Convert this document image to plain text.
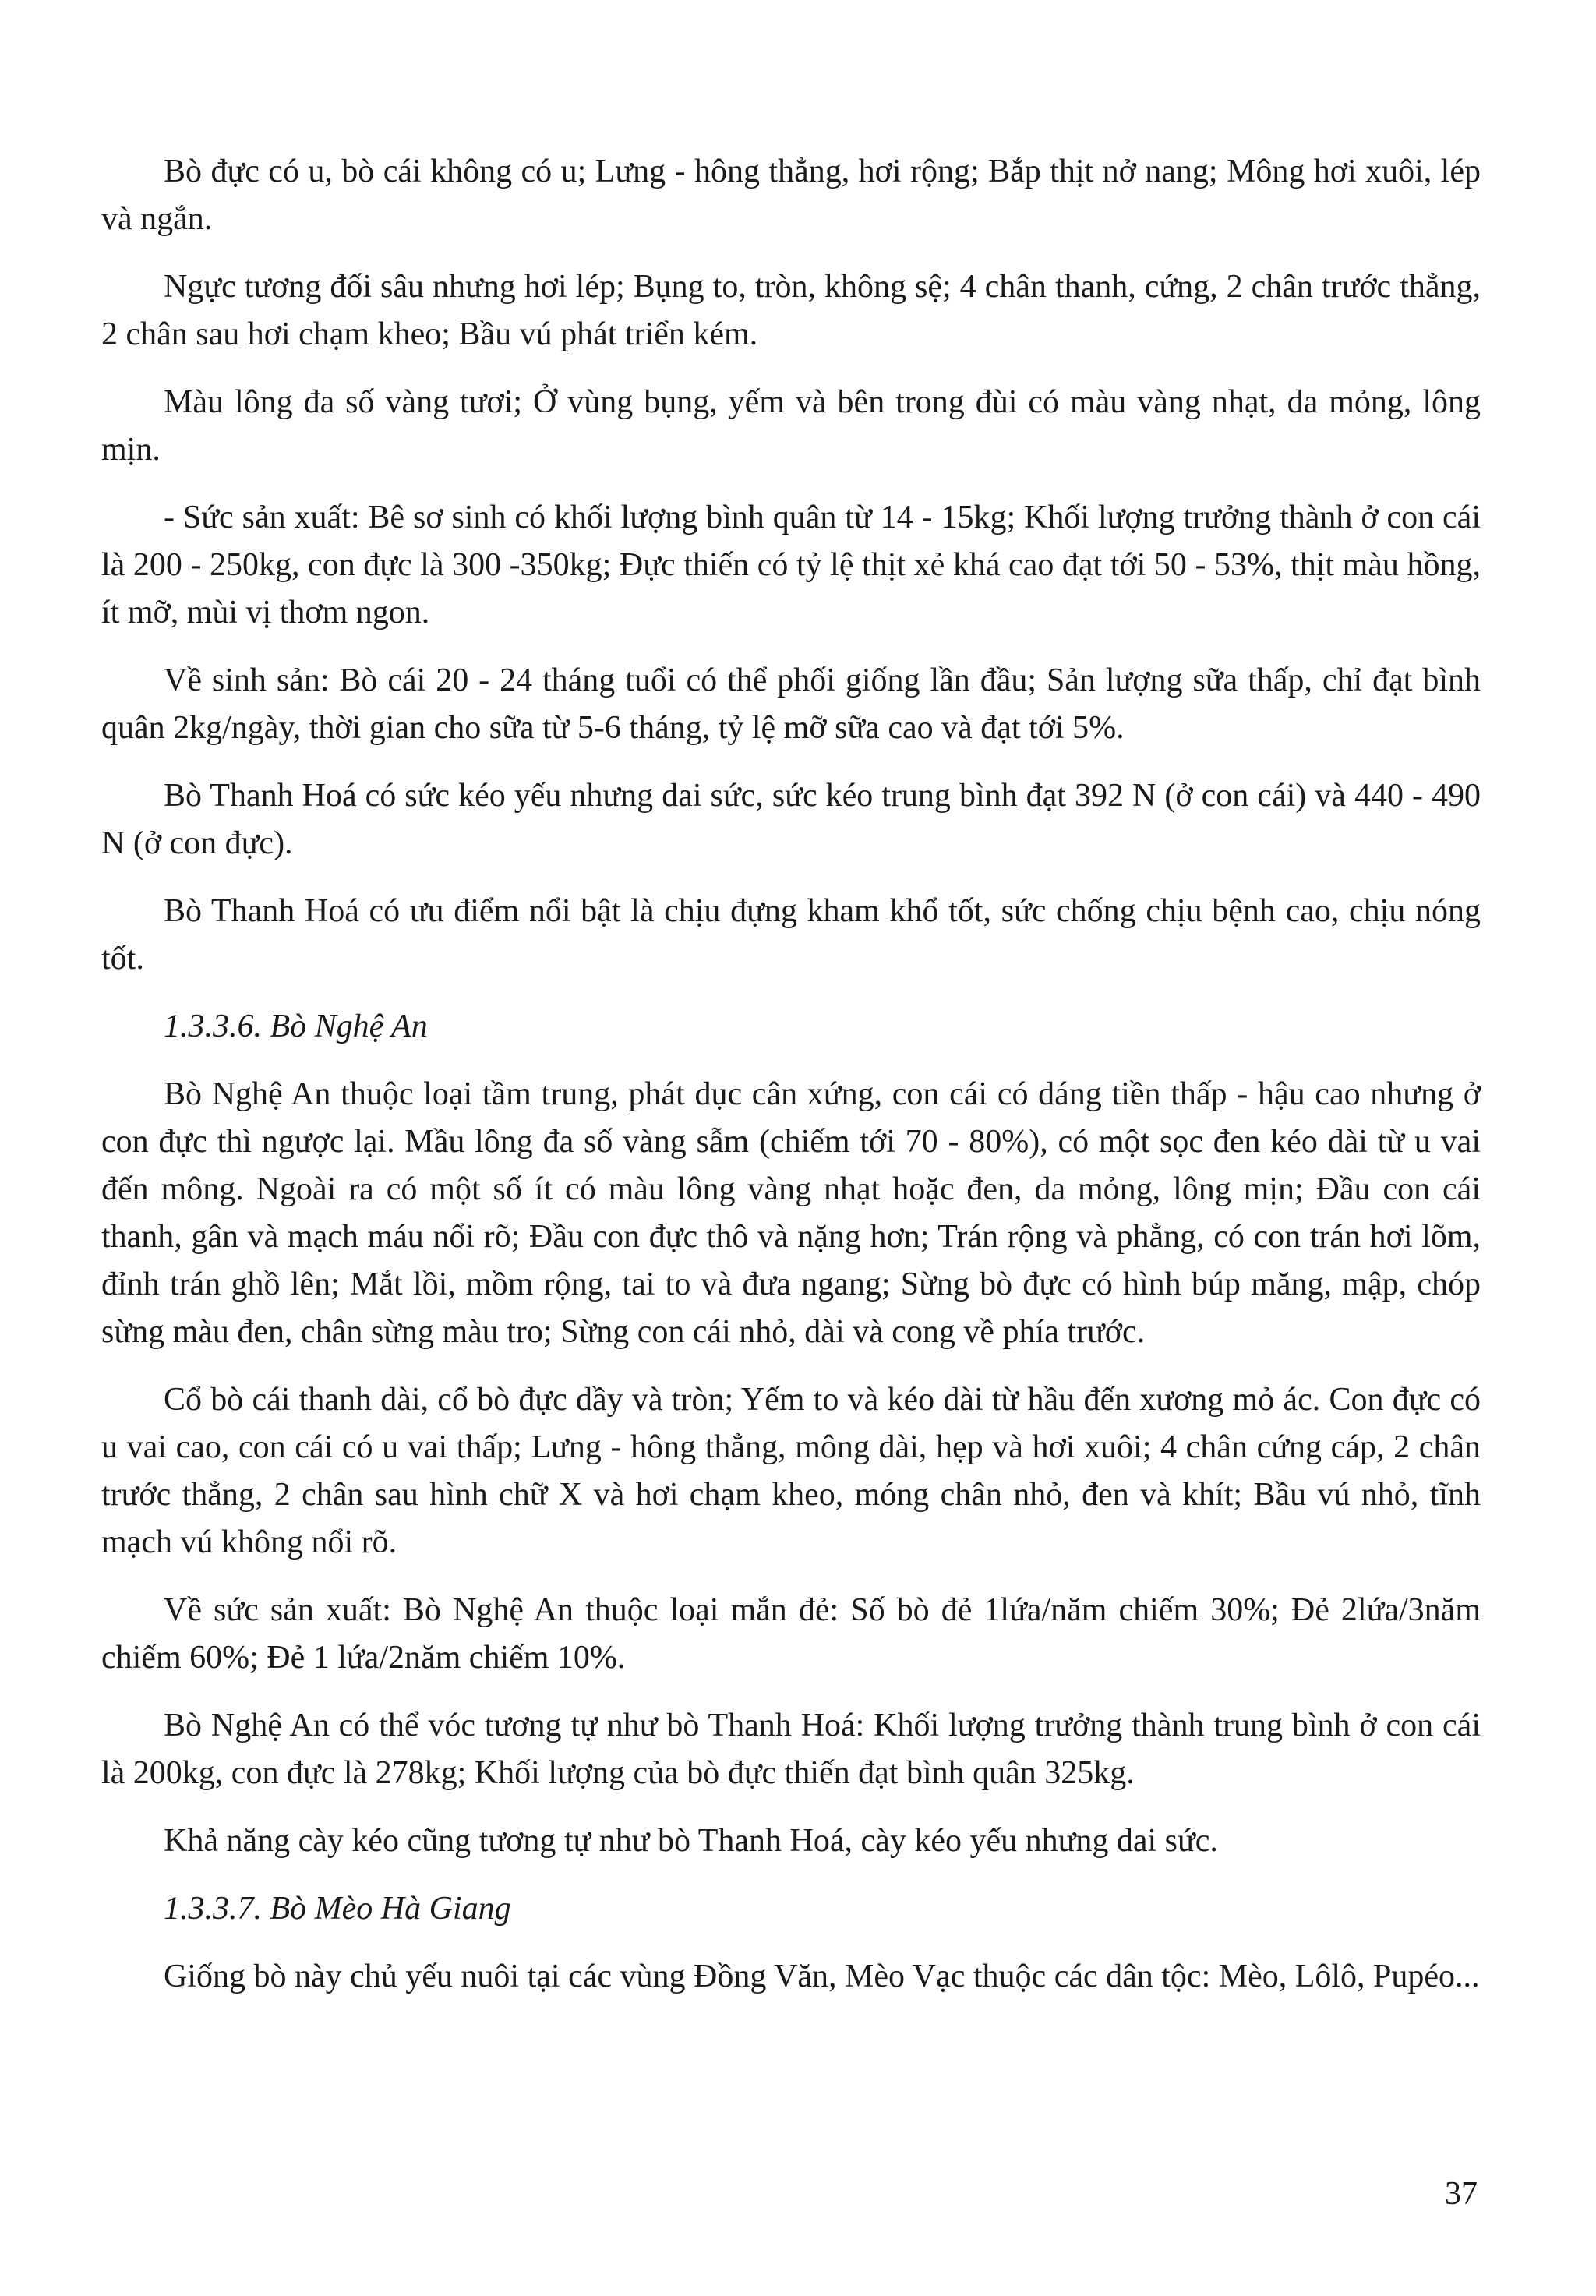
Bò đực có u, bò cái không có u; Lưng - hông thẳng, hơi rộng; Bắp thịt nở nang; Mông hơi xuôi, lép và ngắn.

Ngực tương đối sâu nhưng hơi lép; Bụng to, tròn, không sệ; 4 chân thanh, cứng, 2 chân trước thẳng, 2 chân sau hơi chạm kheo; Bầu vú phát triển kém.

Màu lông đa số vàng tươi; Ở vùng bụng, yếm và bên trong đùi có màu vàng nhạt, da mỏng, lông mịn.

- Sức sản xuất: Bê sơ sinh có khối lượng bình quân từ 14 - 15kg; Khối lượng trưởng thành ở con cái là 200 - 250kg, con đực là 300 -350kg; Đực thiến có tỷ lệ thịt xẻ khá cao đạt tới 50 - 53%, thịt màu hồng, ít mỡ, mùi vị thơm ngon.

Về sinh sản: Bò cái 20 - 24 tháng tuổi có thể phối giống lần đầu; Sản lượng sữa thấp, chỉ đạt bình quân 2kg/ngày, thời gian cho sữa từ 5-6 tháng, tỷ lệ mỡ sữa cao và đạt tới 5%.

Bò Thanh Hoá có sức kéo yếu nhưng dai sức, sức kéo trung bình đạt 392 N (ở con cái) và 440 - 490 N (ở con đực).

Bò Thanh Hoá có ưu điểm nổi bật là chịu đựng kham khổ tốt, sức chống chịu bệnh cao, chịu nóng tốt.

1.3.3.6. Bò Nghệ An

Bò Nghệ An thuộc loại tầm trung, phát dục cân xứng, con cái có dáng tiền thấp - hậu cao nhưng ở con đực thì ngược lại. Mầu lông đa số vàng sẫm (chiếm tới 70 - 80%), có một sọc đen kéo dài từ u vai đến mông. Ngoài ra có một số ít có màu lông vàng nhạt hoặc đen, da mỏng, lông mịn; Đầu con cái thanh, gân và mạch máu nổi rõ; Đầu con đực thô và nặng hơn; Trán rộng và phẳng, có con trán hơi lõm, đỉnh trán ghồ lên; Mắt lồi, mồm rộng, tai to và đưa ngang; Sừng bò đực có hình búp măng, mập, chóp sừng màu đen, chân sừng màu tro; Sừng con cái nhỏ, dài và cong về phía trước.

Cổ bò cái thanh dài, cổ bò đực dầy và tròn; Yếm to và kéo dài từ hầu đến xương mỏ ác. Con đực có u vai cao, con cái có u vai thấp; Lưng - hông thẳng, mông dài, hẹp và hơi xuôi; 4 chân cứng cáp, 2 chân trước thẳng, 2 chân sau hình chữ X và hơi chạm kheo, móng chân nhỏ, đen và khít; Bầu vú nhỏ, tĩnh mạch vú không nổi rõ.

Về sức sản xuất: Bò Nghệ An thuộc loại mắn đẻ: Số bò đẻ 1lứa/năm chiếm 30%; Đẻ 2lứa/3năm chiếm 60%; Đẻ 1 lứa/2năm chiếm 10%.

Bò Nghệ An có thể vóc tương tự như bò Thanh Hoá: Khối lượng trưởng thành trung bình ở con cái là 200kg, con đực là 278kg; Khối lượng của bò đực thiến đạt bình quân 325kg.

Khả năng cày kéo cũng tương tự như bò Thanh Hoá, cày kéo yếu nhưng dai sức.

1.3.3.7. Bò Mèo Hà Giang

Giống bò này chủ yếu nuôi tại các vùng Đồng Văn, Mèo Vạc thuộc các dân tộc: Mèo, Lôlô, Pupéo...

37
